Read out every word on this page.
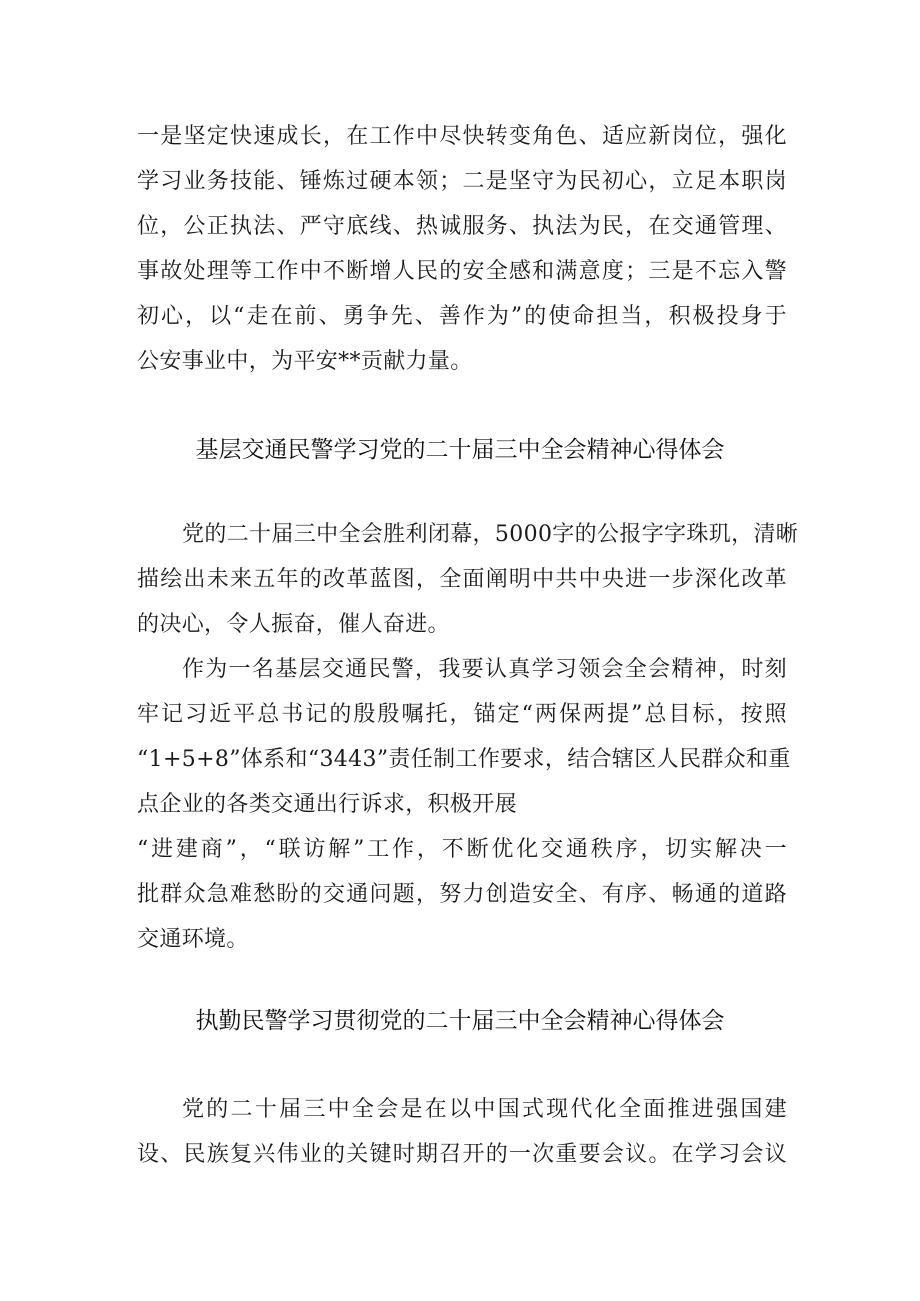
一是坚定快速成长，在工作中尽快转变角色、适应新岗位，强化
学习业务技能、锤炼过硬本领；二是坚守为民初心，立足本职岗
位，公正执法、严守底线、热诚服务、执法为民，在交通管理、
事故处理等工作中不断增人民的安全感和满意度；三是不忘入警
初心，以“走在前、勇争先、善作为”的使命担当，积极投身于
公安事业中，为平安**贡献力量。
基层交通民警学习党的二十届三中全会精神心得体会
党的二十届三中全会胜利闭幕，5000字的公报字字珠玑，清晰
描绘出未来五年的改革蓝图，全面阐明中共中央进一步深化改革
的决心，令人振奋，催人奋进。
作为一名基层交通民警，我要认真学习领会全会精神，时刻
牢记习近平总书记的殷殷嘱托，锚定“两保两提”总目标，按照
“1+5+8”体系和“3443”责任制工作要求，结合辖区人民群众和重
点企业的各类交通出行诉求，积极开展
“进建商”，“联访解”工作，不断优化交通秩序，切实解决一
批群众急难愁盼的交通问题，努力创造安全、有序、畅通的道路
交通环境。
执勤民警学习贯彻党的二十届三中全会精神心得体会
党的二十届三中全会是在以中国式现代化全面推进强国建
设、民族复兴伟业的关键时期召开的一次重要会议。在学习会议
